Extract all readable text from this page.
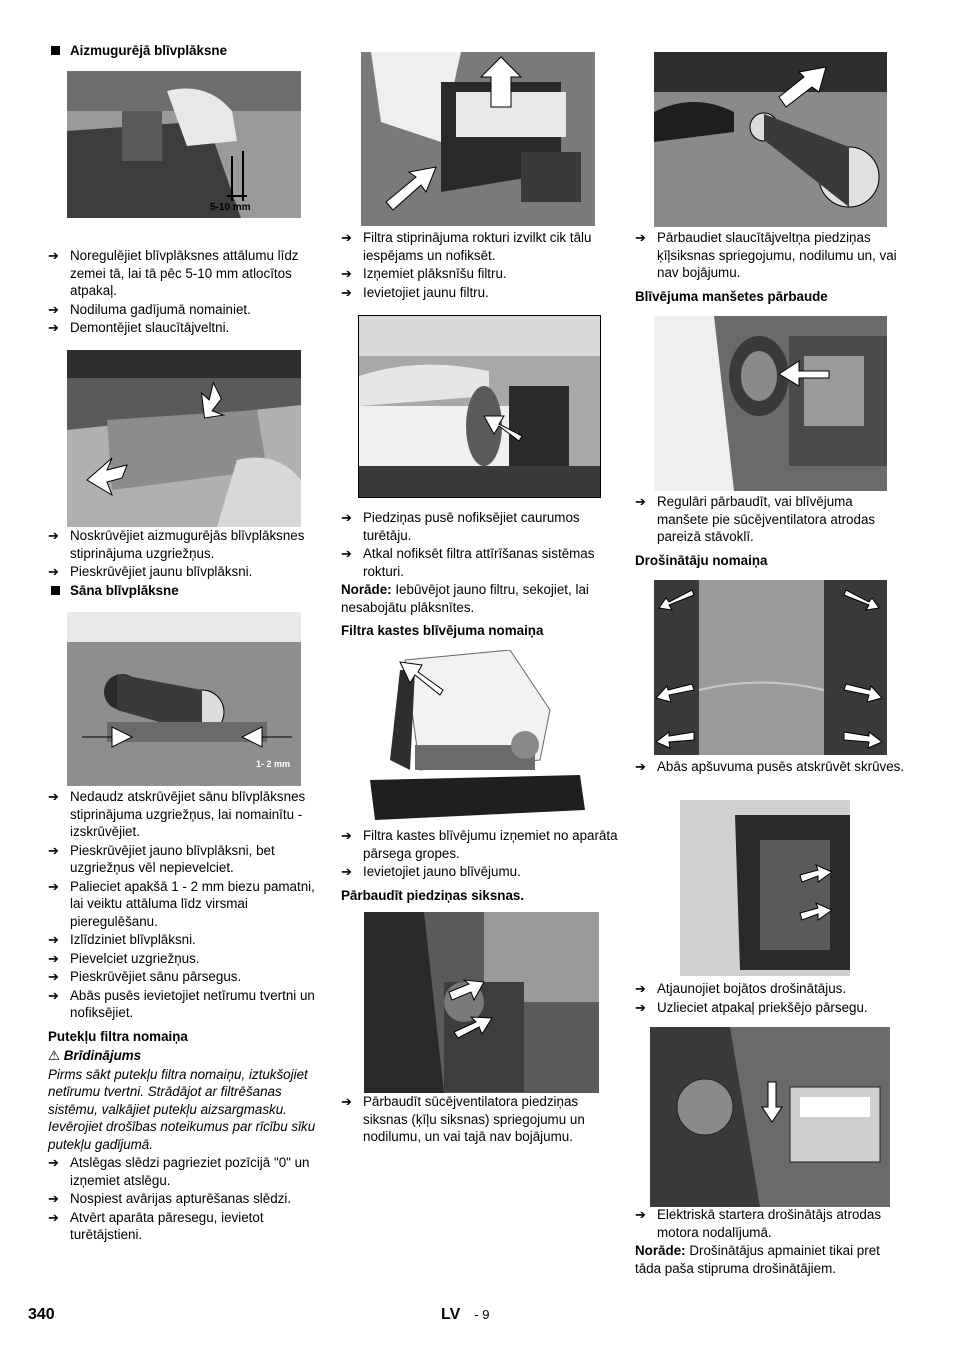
Aizmugurējā blīvplāksne
5-10 mm
➔ Noregulējiet blīvplāksnes attālumu līdz zemei tā, lai tā pēc 5-10 mm atlocītos atpakaļ.
➔ Nodiluma gadījumā nomainiet.
➔ Demontējiet slaucītājveltni.
➔ Noskrūvējiet aizmugurējās blīvplāksnes stiprinājuma uzgriežņus.
➔ Pieskrūvējiet jaunu blīvplāksni.
Sāna blīvplāksne
1- 2 mm
➔ Nedaudz atskrūvējiet sānu blīvplāksnes stiprinājuma uzgriežņus, lai nomainītu - izskrūvējiet.
➔ Pieskrūvējiet jauno blīvplāksni, bet uzgriežņus vēl nepievelciet.
➔ Palieciet apakšā 1 - 2 mm biezu pamatni, lai veiktu attāluma līdz virsmai pieregulēšanu.
➔ Izlīdziniet blīvplāksni.
➔ Pievelciet uzgriežņus.
➔ Pieskrūvējiet sānu pārsegus.
➔ Abās pusēs ievietojiet netīrumu tvertni un nofiksējiet.
Putekļu filtra nomaiņa
⚠ Brīdinājums
Pirms sākt putekļu filtra nomaiņu, iztukšojiet netīrumu tvertni. Strādājot ar filtrēšanas sistēmu, valkājiet putekļu aizsargmasku. Ievērojiet drošības noteikumus par rīcību sīku putekļu gadījumā.
➔ Atslēgas slēdzi pagrieziet pozīcijā "0" un izņemiet atslēgu.
➔ Nospiest avārijas apturēšanas slēdzi.
➔ Atvērt aparāta pāresegu, ievietot turētājstieni.
➔ Filtra stiprinājuma rokturi izvilkt cik tālu iespējams un nofiksēt.
➔ Izņemiet plāksnīšu filtru.
➔ Ievietojiet jaunu filtru.
➔ Piedziņas pusē nofiksējiet caurumos turētāju.
➔ Atkal nofiksēt filtra attīrīšanas sistēmas rokturi.
Norāde: Iebūvējot jauno filtru, sekojiet, lai nesabojātu plāksnītes.
Filtra kastes blīvējuma nomaiņa
➔ Filtra kastes blīvējumu izņemiet no aparāta pārsega gropes.
➔ Ievietojiet jauno blīvējumu.
Pārbaudīt piedziņas siksnas.
➔ Pārbaudīt sūcējventilatora piedziņas siksnas (ķīļu siksnas) spriegojumu un nodilumu, un vai tajā nav bojājumu.
➔ Pārbaudiet slaucītājveltņa piedziņas ķīļsiksnas spriegojumu, nodilumu un, vai nav bojājumu.
Blīvējuma manšetes pārbaude
➔ Regulāri pārbaudīt, vai blīvējuma manšete pie sūcējventilatora atrodas pareizā stāvoklī.
Drošinātāju nomaiņa
➔ Abās apšuvuma pusēs atskrūvēt skrūves.
➔ Atjaunojiet bojātos drošinātājus.
➔ Uzlieciet atpakaļ priekšējo pārsegu.
➔ Elektriskā startera drošinātājs atrodas motora nodalījumā.
Norāde: Drošinātājus apmainiet tikai pret tāda paša stipruma drošinātājiem.
340	LV - 9
